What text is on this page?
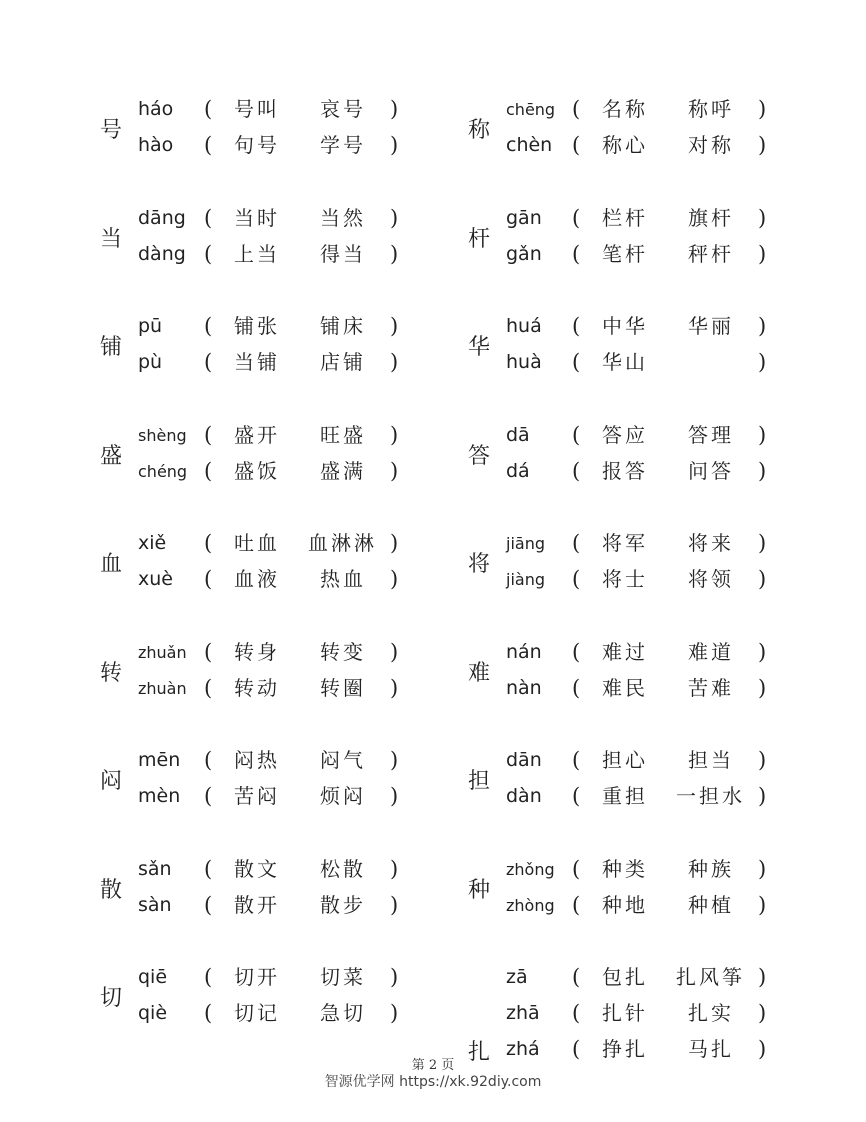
号
háo ( 号叫 哀号 )
hào ( 句号 学号 )
称
chēng ( 名称 称呼 )
chèn ( 称心 对称 )
当
dāng ( 当时 当然 )
dàng ( 上当 得当 )
杆
gān ( 栏杆 旗杆 )
gǎn ( 笔杆 秤杆 )
铺
pū ( 铺张 铺床 )
pù ( 当铺 店铺 )
华
huá ( 中华 华丽 )
huà ( 华山	)
盛
shèng ( 盛开 旺盛 )
chéng ( 盛饭 盛满 )
答
dā ( 答应 答理 )
dá ( 报答 问答 )
血
xiě ( 吐血 血淋淋 )
xuè ( 血液 热血 )
将
jiāng ( 将军 将来 )
jiàng ( 将士 将领 )
转
zhuǎn ( 转身 转变 )
zhuàn ( 转动 转圈 )
难
nán ( 难过 难道 )
nàn ( 难民 苦难 )
闷
mēn ( 闷热 闷气 )
mèn ( 苦闷 烦闷 )
担
dān ( 担心 担当 )
dàn ( 重担 一担水 )
散
sǎn ( 散文 松散 )
sàn ( 散开 散步 )
种
zhǒng ( 种类 种族 )
zhòng ( 种地 种植 )
切
qiē ( 切开 切菜 )
qiè ( 切记 急切 )
扎
zā ( 包扎 扎风筝 )
zhā ( 扎针 扎实 )
zhá ( 挣扎 马扎 )
第 2 页
智源优学网 https://xk.92diy.com
